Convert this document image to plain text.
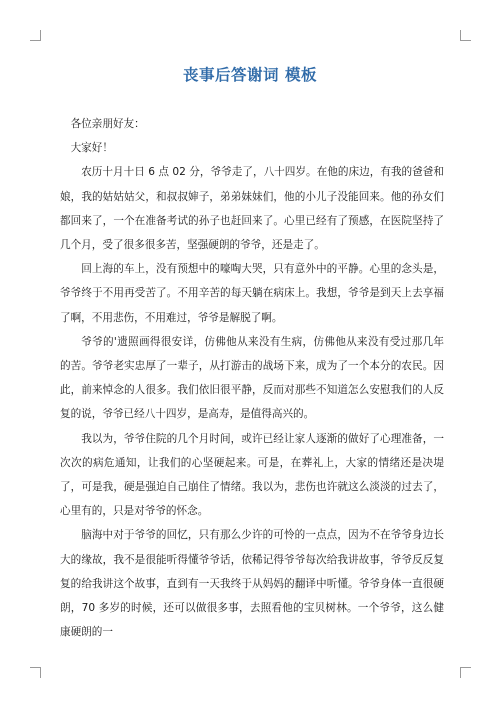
丧事后答谢词 模板

各位亲朋好友：

大家好！

农历十月十日 6 点 02 分，爷爷走了，八十四岁。在他的床边，有我的爸爸和娘，我的姑姑姑父，和叔叔婶子，弟弟妹妹们，他的小儿子没能回来。他的孙女们都回来了，一个在准备考试的孙子也赶回来了。心里已经有了预感，在医院坚持了几个月，受了很多很多苦，坚强硬朗的爷爷，还是走了。

回上海的车上，没有预想中的嚎啕大哭，只有意外中的平静。心里的念头是，爷爷终于不用再受苦了。不用辛苦的每天躺在病床上。我想，爷爷是到天上去享福了啊，不用悲伤，不用难过，爷爷是解脱了啊。

爷爷的'遗照画得很安详，仿佛他从来没有生病，仿佛他从来没有受过那几年的苦。爷爷老实忠厚了一辈子，从打游击的战场下来，成为了一个本分的农民。因此，前来悼念的人很多。我们依旧很平静，反而对那些不知道怎么安慰我们的人反复的说，爷爷已经八十四岁，是高寿，是值得高兴的。

我以为，爷爷住院的几个月时间，或许已经让家人逐渐的做好了心理准备，一次次的病危通知，让我们的心坚硬起来。可是，在葬礼上，大家的情绪还是决堤了，可是我，硬是强迫自己崩住了情绪。我以为，悲伤也许就这么淡淡的过去了，心里有的，只是对爷爷的怀念。

脑海中对于爷爷的回忆，只有那么少许的可怜的一点点，因为不在爷爷身边长大的缘故，我不是很能听得懂爷爷话，依稀记得爷爷每次给我讲故事，爷爷反反复复的给我讲这个故事，直到有一天我终于从妈妈的翻译中听懂。爷爷身体一直很硬朗，70 多岁的时候，还可以做很多事，去照看他的宝贝树林。一个爷爷，这么健康硬朗的一
